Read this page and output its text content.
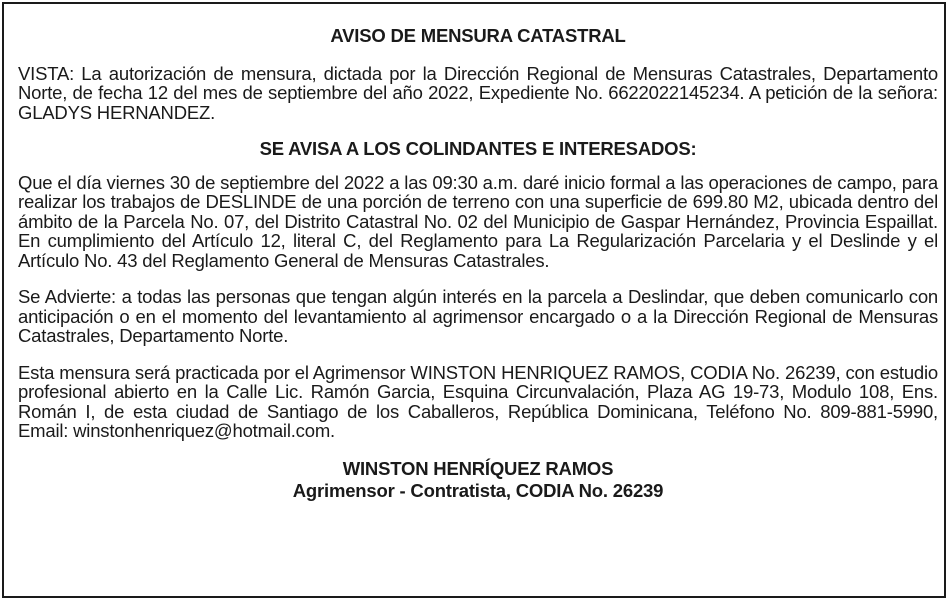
AVISO DE MENSURA CATASTRAL

VISTA: La autorización de mensura, dictada por la Dirección Regional de Mensuras Catastrales, Departamento Norte, de fecha 12 del mes de septiembre del año 2022, Expediente No. 6622022145234. A petición de la señora: GLADYS HERNANDEZ.

SE AVISA A LOS COLINDANTES E INTERESADOS:

Que el día viernes 30 de septiembre del 2022 a las 09:30 a.m. daré inicio formal a las operaciones de campo, para realizar los trabajos de DESLINDE de una porción de terreno con una superficie de 699.80 M2, ubicada dentro del ámbito de la Parcela No. 07, del Distrito Catastral No. 02 del Municipio de Gaspar Hernández, Provincia Espaillat. En cumplimiento del Artículo 12, literal C, del Reglamento para La Regularización Parcelaria y el Deslinde y el Artículo No. 43 del Reglamento General de Mensuras Catastrales.

Se Advierte: a todas las personas que tengan algún interés en la parcela a Deslindar, que deben comunicarlo con anticipación o en el momento del levantamiento al agrimensor encargado o a la Dirección Regional de Mensuras Catastrales, Departamento Norte.

Esta mensura será practicada por el Agrimensor WINSTON HENRIQUEZ RAMOS, CODIA No. 26239, con estudio profesional abierto en la Calle Lic. Ramón Garcia, Esquina Circunvalación, Plaza AG 19-73, Modulo 108, Ens. Román I, de esta ciudad de Santiago de los Caballeros, República Dominicana, Teléfono No. 809-881-5990, Email: winstonhenriquez@hotmail.com.

WINSTON HENRÍQUEZ RAMOS
Agrimensor - Contratista, CODIA No. 26239
